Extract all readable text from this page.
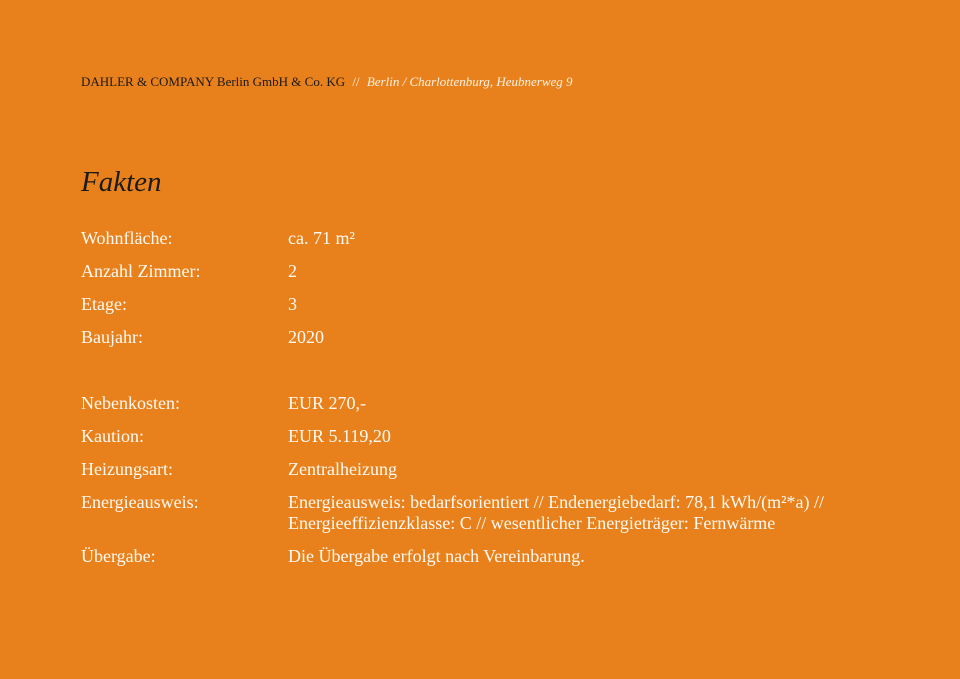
DAHLER & COMPANY Berlin GmbH & Co. KG // Berlin / Charlottenburg, Heubnerweg 9
Fakten
Wohnfläche:	ca. 71 m²
Anzahl Zimmer:	2
Etage:	3
Baujahr:	2020
Nebenkosten:	EUR 270,-
Kaution:	EUR 5.119,20
Heizungsart:	Zentralheizung
Energieausweis:	Energieausweis: bedarfsorientiert // Endenergiebedarf: 78,1 kWh/(m²*a) // Energieeffizienzklasse: C // wesentlicher Energieträger: Fernwärme
Übergabe:	Die Übergabe erfolgt nach Vereinbarung.
